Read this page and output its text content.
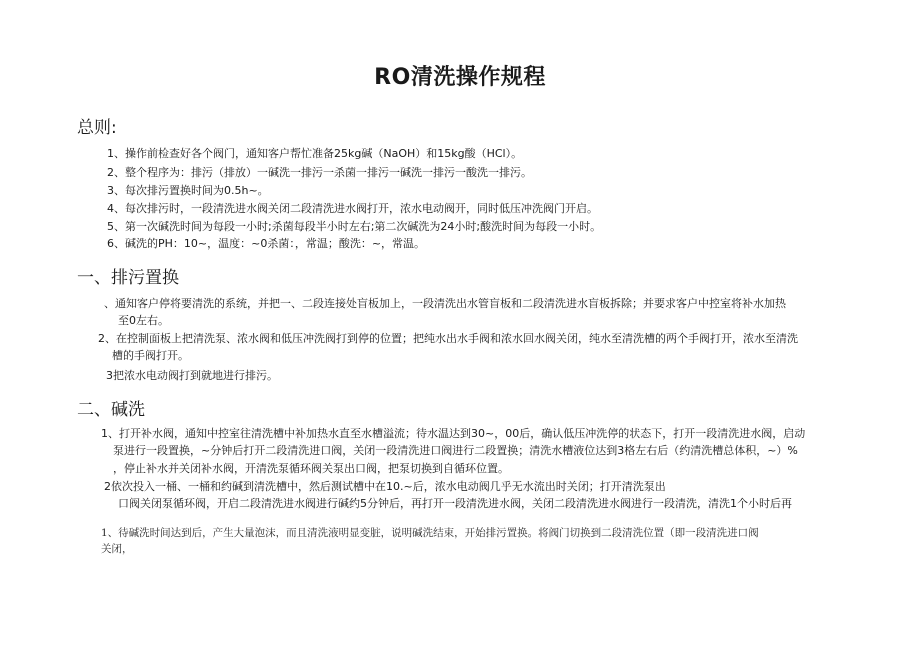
RO清洗操作规程
总则:
1、操作前检查好各个阀门，通知客户帮忙准备25kg碱（NaOH）和15kg酸（HCl）。
2、整个程序为：排污（排放）一碱洗一排污一杀菌一排污一碱洗一排污一酸洗一排污。
3、每次排污置换时间为0.5h~。
4、每次排污时，一段清洗进水阀关闭二段清洗进水阀打开，浓水电动阀开，同时低压冲洗阀门开启。
5、第一次碱洗时间为每段一小时;杀菌每段半小时左右;第二次碱洗为24小时;酸洗时间为每段一小时。
6、碱洗的PH：10~，温度：~0杀菌：，常温；酸洗：~，常温。
一、排污置换
、通知客户停将要清洗的系统，并把一、二段连接处盲板加上，一段清洗出水管盲板和二段清洗进水盲板拆除；并要求客户中控室将补水加热
至0左右。
2、在控制面板上把清洗泵、浓水阀和低压冲洗阀打到停的位置；把纯水出水手阀和浓水回水阀关闭，纯水至清洗槽的两个手阀打开，浓水至清洗
槽的手阀打开。
3把浓水电动阀打到就地进行排污。
二、碱洗
1、打开补水阀，通知中控室往清洗槽中补加热水直至水槽溢流；待水温达到30~，00后，确认低压冲洗停的状态下，打开一段清洗进水阀，启动
泵进行一段置换，~分钟后打开二段清洗进口阀，关闭一段清洗进口阀进行二段置换；清洗水槽液位达到3格左右后（约清洗槽总体积，~）%
，停止补水并关闭补水阀，开清洗泵循环阀关泵出口阀，把泵切换到自循环位置。
2依次投入一桶、一桶和约碱到清洗槽中，然后测试槽中在10.~后，浓水电动阀几乎无水流出时关闭；打开清洗泵出
口阀关闭泵循环阀，开启二段清洗进水阀进行碱约5分钟后，再打开一段清洗进水阀，关闭二段清洗进水阀进行一段清洗，清洗1个小时后再
1、待碱洗时间达到后，产生大量泡沫，而且清洗液明显变脏，说明碱洗结束，开始排污置换。将阀门切换到二段清洗位置（即一段清洗进口阀
关闭，
